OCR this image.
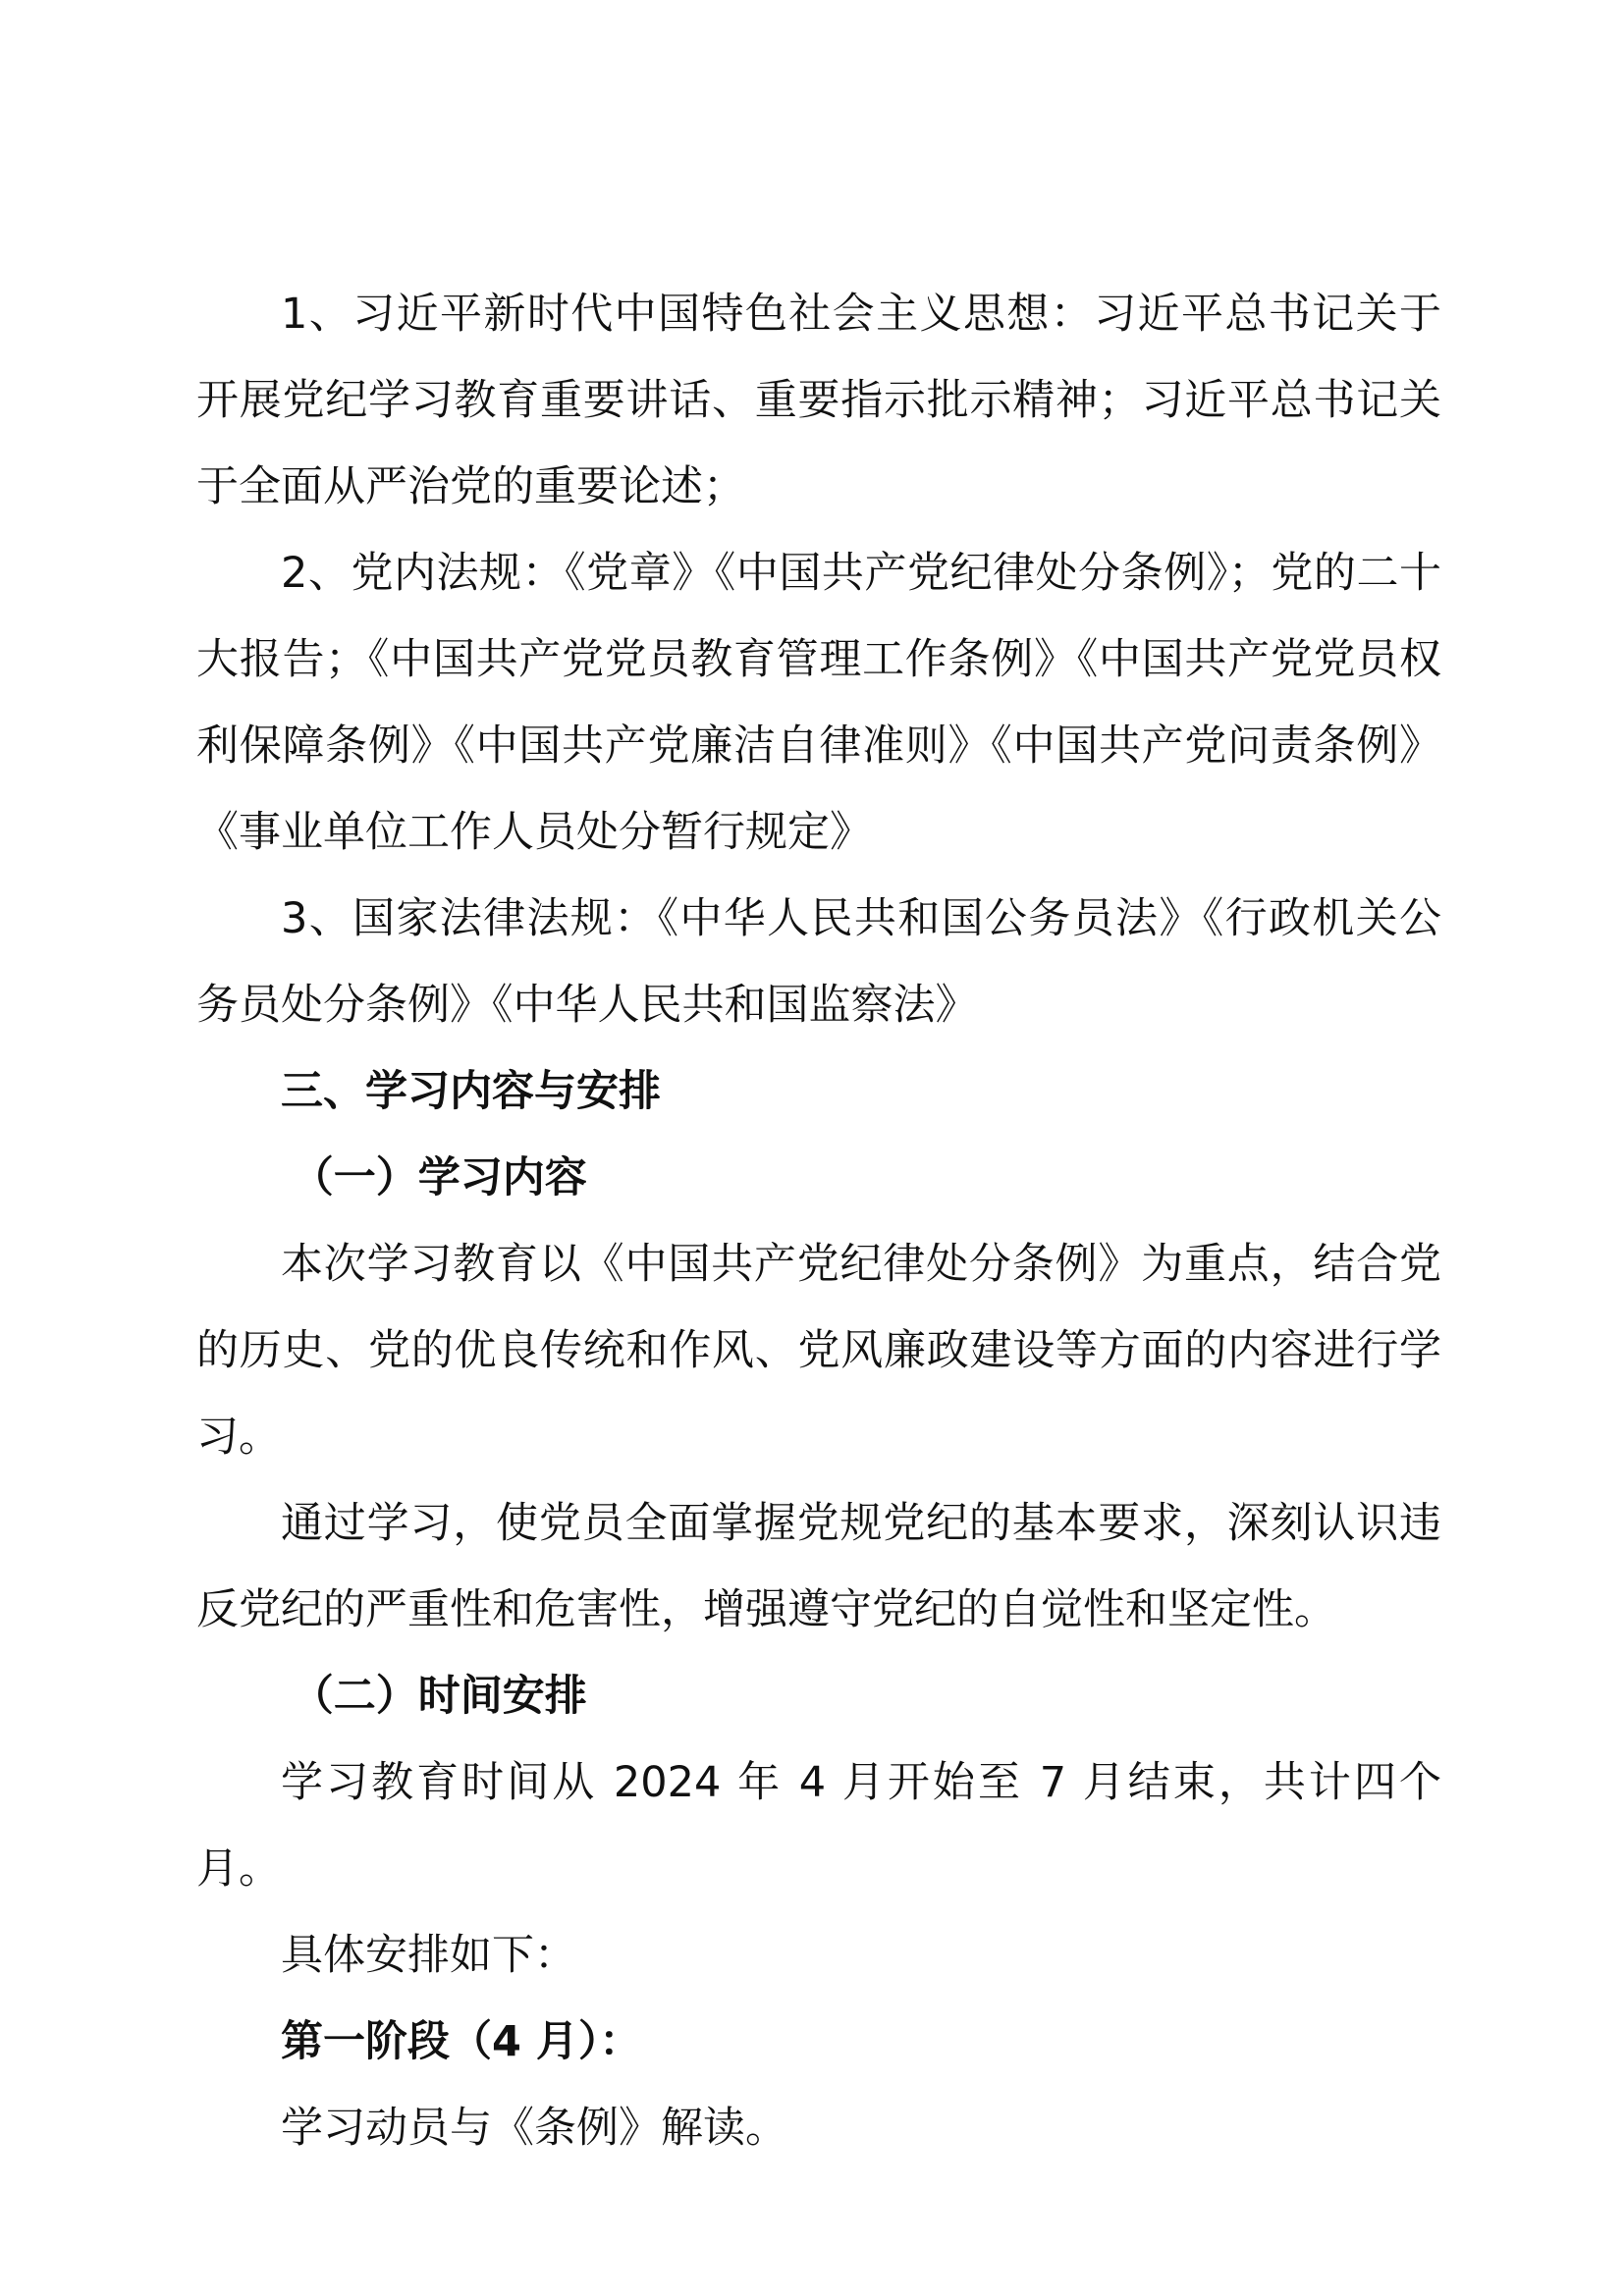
1、习近平新时代中国特色社会主义思想：习近平总书记关于开展党纪学习教育重要讲话、重要指示批示精神；习近平总书记关于全面从严治党的重要论述；

2、党内法规：《党章》《中国共产党纪律处分条例》；党的二十大报告；《中国共产党党员教育管理工作条例》《中国共产党党员权利保障条例》《中国共产党廉洁自律准则》《中国共产党问责条例》《事业单位工作人员处分暂行规定》

3、国家法律法规：《中华人民共和国公务员法》《行政机关公务员处分条例》《中华人民共和国监察法》

三、学习内容与安排

（一）学习内容

本次学习教育以《中国共产党纪律处分条例》为重点，结合党的历史、党的优良传统和作风、党风廉政建设等方面的内容进行学习。

通过学习，使党员全面掌握党规党纪的基本要求，深刻认识违反党纪的严重性和危害性，增强遵守党纪的自觉性和坚定性。

（二）时间安排

学习教育时间从 2024 年 4 月开始至 7 月结束，共计四个月。

具体安排如下：

第一阶段（4 月）：

学习动员与《条例》解读。
